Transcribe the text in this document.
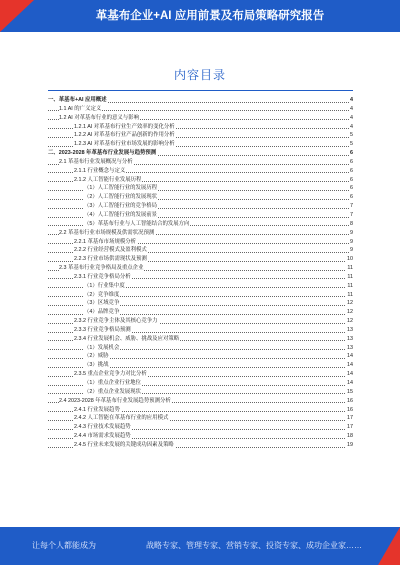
革基布企业+AI 应用前景及布局策略研究报告
内容目录
一、革基布+AI 应用概述	4
1.1 AI 的广义定义	4
1.2 AI 对革基布行业的意义与影响	4
1.2.1 AI 对革基布行业生产效率的变化分析	4
1.2.2 AI 对革基布行业产品创新的作用分析	5
1.2.3 AI 对革基布行业市场发展的影响分析	5
二、2023-2028 年革基布行业发展与趋势预测	6
2.1 革基布行业发展概况与分析	6
2.1.1 行业概念与定义	6
2.1.2 人工智能行业发展历程	6
（1）人工智能行业的发展历程	6
（2）人工智能行业的发展现状	6
（3）人工智能行业的竞争格局	7
（4）人工智能行业的发展前景	7
（5）革基布行业与人工智能结合的发展方向	8
2.2 革基布行业市场规模及供需状况预测	9
2.2.1 革基布市场规模分析	9
2.2.2 行业经营模式及盈利模式	9
2.2.3 行业市场供需现状及预测	10
2.3 革基布行业竞争格局及重点企业	11
2.3.1 行业竞争格局分析	11
（1）行业集中度	11
（2）竞争维度	11
（3）区域竞争	12
（4）品牌竞争	12
2.3.2 行业竞争主体及其核心竞争力	12
2.3.3 行业竞争格局预测	13
2.3.4 行业发展机会、威胁、挑战及应对策略	13
（1）发展机会	13
（2）威胁	14
（3）挑战	14
2.3.5 重点企业竞争力对比分析	14
（1）重点企业行业地位	14
（2）重点企业发展现状	15
2.4 2023-2028 年革基布行业发展趋势预测分析	16
2.4.1 行业发展趋势	16
2.4.2 人工智能在革基布行业的应用模式	17
2.4.3 行业技术发展趋势	17
2.4.4 市场需求发展趋势	18
2.4.5 行业未来发展的关键成功因素及策略	19
让每个人都能成为	战略专家、管理专家、营销专家、投资专家、成功企业家……
